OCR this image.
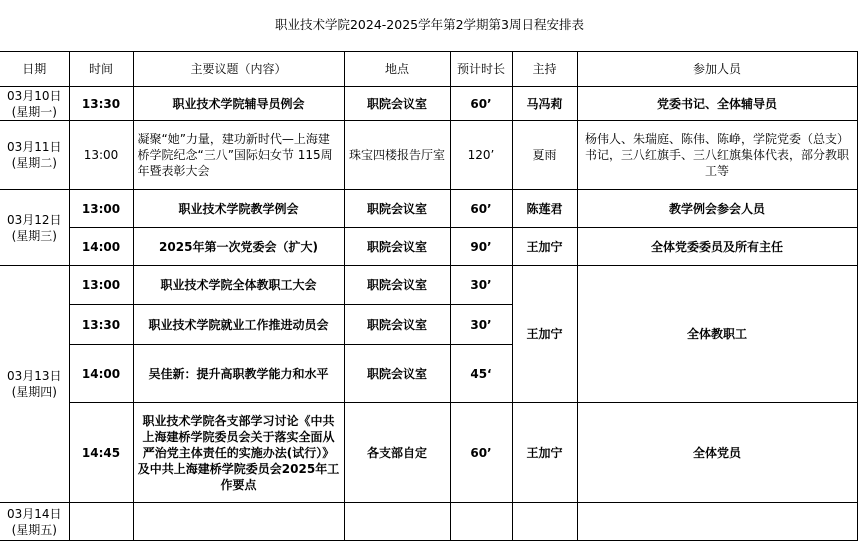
职业技术学院2024-2025学年第2学期第3周日程安排表
日期	时间	主要议题（内容）	地点	预计时长	主持	参加人员

03月10日
(星期一)	13:30	职业技术学院辅导员例会	职院会议室	60’	马冯莉	党委书记、全体辅导员

03月11日
(星期二)	13:00	凝聚“她”力量，建功新时代—上海建桥学院纪念“三八”国际妇女节 115周年暨表彰大会	珠宝四楼报告厅室	120’	夏雨	杨伟人、朱瑞庭、陈伟、陈峥，学院党委（总支）书记，三八红旗手、三八红旗集体代表，部分教职工等

03月12日
(星期三)	13:00	职业技术学院教学例会	职院会议室	60’	陈莲君	教学例会参会人员
	14:00	2025年第一次党委会（扩大)	职院会议室	90’	王加宁	全体党委委员及所有主任

03月13日
(星期四)	13:00	职业技术学院全体教职工大会	职院会议室	30’	王加宁	全体教职工
	13:30	职业技术学院就业工作推进动员会	职院会议室	30’		
	14:00	吴佳新：提升高职教学能力和水平	职院会议室	45‘		
	14:45	职业技术学院各支部学习讨论《中共上海建桥学院委员会关于落实全面从严治党主体责任的实施办法(试行）》及中共上海建桥学院委员会2025年工作要点	各支部自定	60’	王加宁	全体党员

03月14日
(星期五)						
